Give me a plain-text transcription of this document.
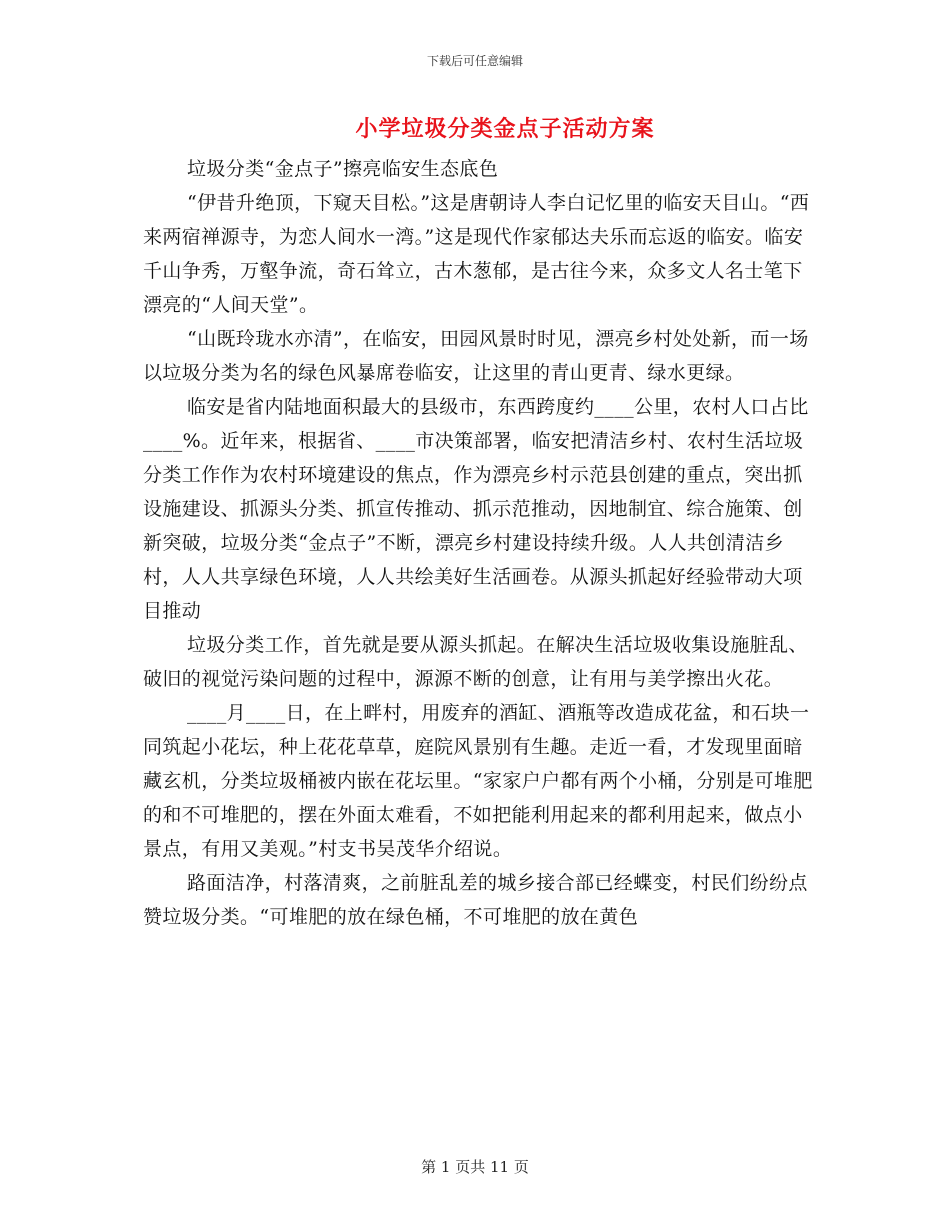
下载后可任意编辑
小学垃圾分类金点子活动方案

垃圾分类“金点子”擦亮临安生态底色

“伊昔升绝顶，下窥天目松。”这是唐朝诗人李白记忆里的临安天目山。“西来两宿禅源寺，为恋人间水一湾。”这是现代作家郁达夫乐而忘返的临安。临安千山争秀，万壑争流，奇石耸立，古木葱郁，是古往今来，众多文人名士笔下漂亮的“人间天堂”。

“山既玲珑水亦清”，在临安，田园风景时时见，漂亮乡村处处新，而一场以垃圾分类为名的绿色风暴席卷临安，让这里的青山更青、绿水更绿。

临安是省内陆地面积最大的县级市，东西跨度约____公里，农村人口占比____%。近年来，根据省、____市决策部署，临安把清洁乡村、农村生活垃圾分类工作作为农村环境建设的焦点，作为漂亮乡村示范县创建的重点，突出抓设施建设、抓源头分类、抓宣传推动、抓示范推动，因地制宜、综合施策、创新突破，垃圾分类“金点子”不断，漂亮乡村建设持续升级。人人共创清洁乡村，人人共享绿色环境，人人共绘美好生活画卷。从源头抓起好经验带动大项目推动

垃圾分类工作，首先就是要从源头抓起。在解决生活垃圾收集设施脏乱、破旧的视觉污染问题的过程中，源源不断的创意，让有用与美学擦出火花。

____月____日，在上畔村，用废弃的酒缸、酒瓶等改造成花盆，和石块一同筑起小花坛，种上花花草草，庭院风景别有生趣。走近一看，才发现里面暗藏玄机，分类垃圾桶被内嵌在花坛里。“家家户户都有两个小桶，分别是可堆肥的和不可堆肥的，摆在外面太难看，不如把能利用起来的都利用起来，做点小景点，有用又美观。”村支书吴茂华介绍说。

路面洁净，村落清爽，之前脏乱差的城乡接合部已经蝶变，村民们纷纷点赞垃圾分类。“可堆肥的放在绿色桶，不可堆肥的放在黄色

第 1 页共 11 页
